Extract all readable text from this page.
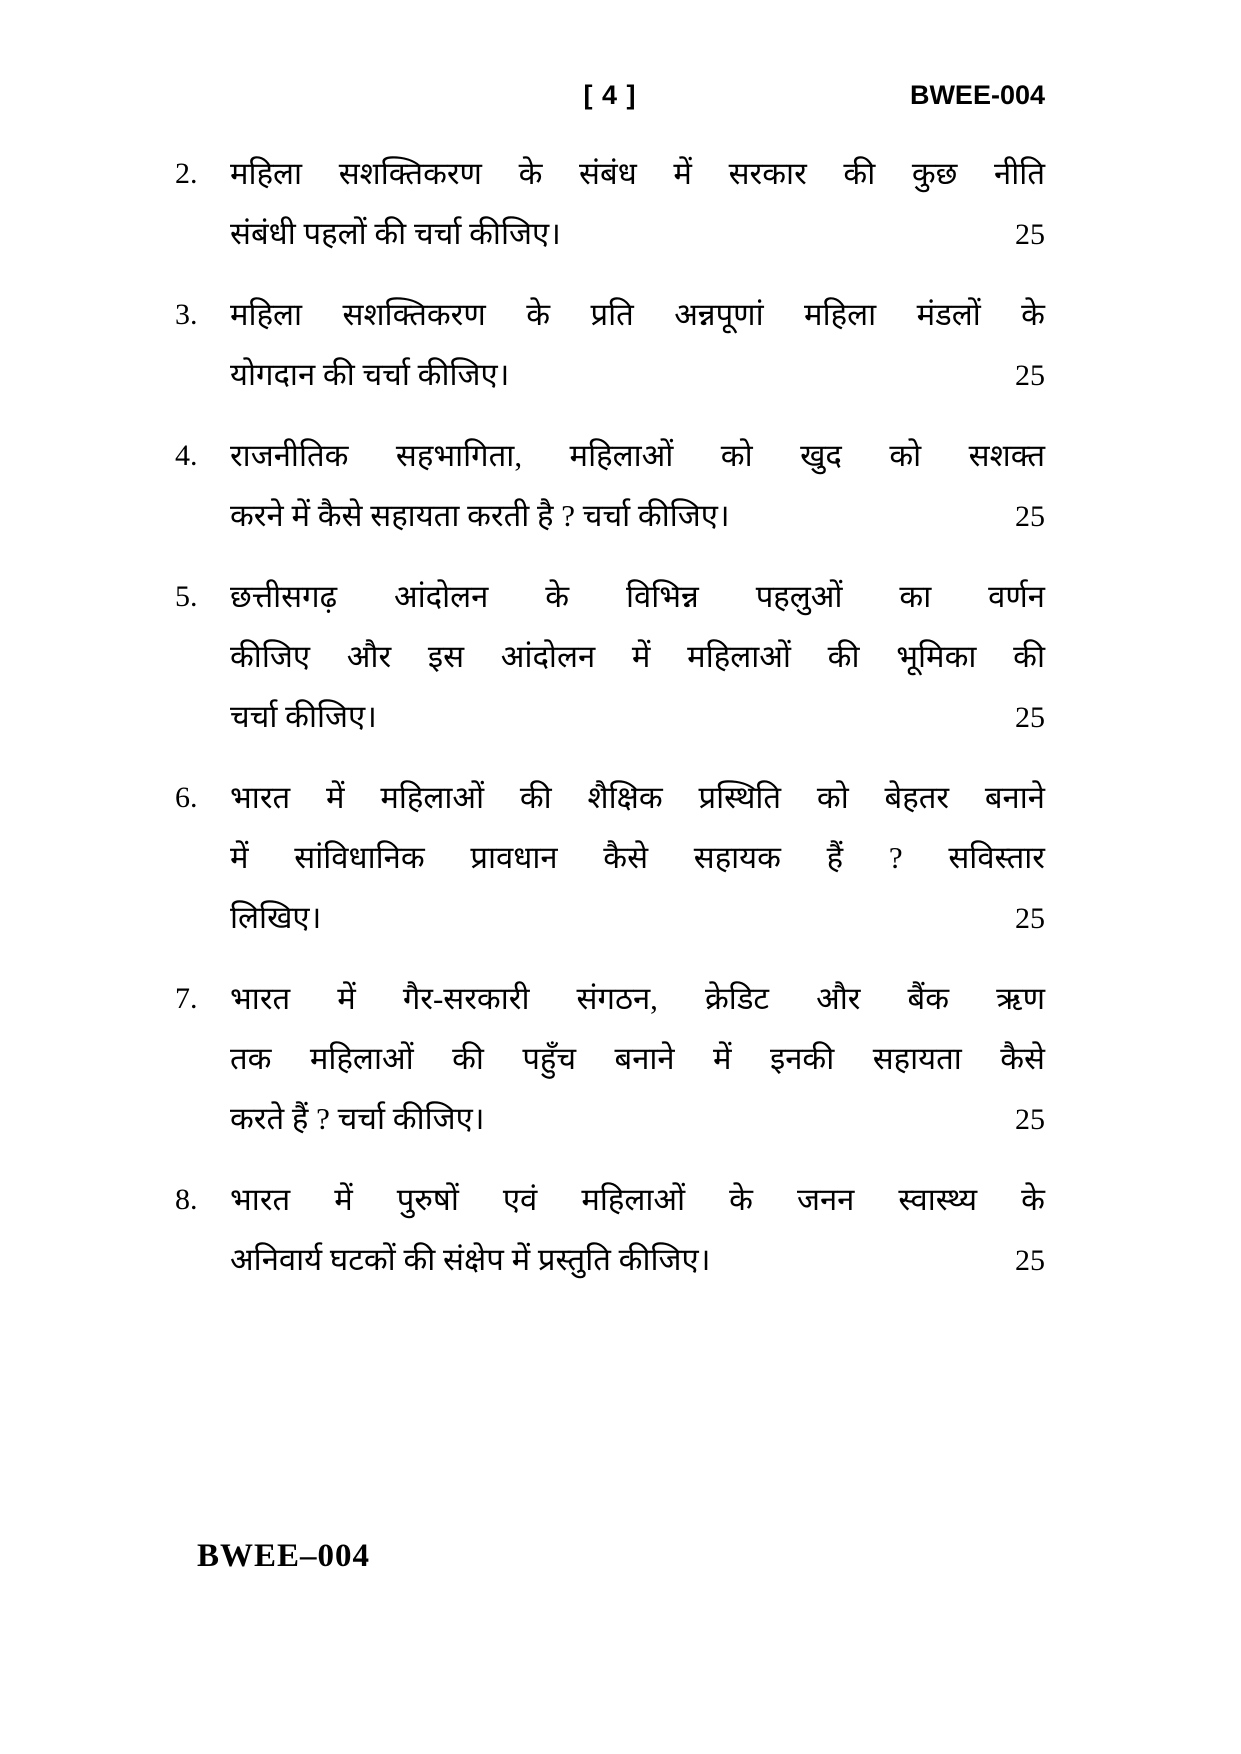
[ 4 ]	BWEE-004
2.	महिला सशक्तिकरण के संबंध में सरकार की कुछ नीति
संबंधी पहलों की चर्चा कीजिए।	25
3.	महिला सशक्तिकरण के प्रति अन्नपूणां महिला मंडलों के
योगदान की चर्चा कीजिए।	25
4.	राजनीतिक सहभागिता, महिलाओं को खुद को सशक्त
करने में कैसे सहायता करती है ? चर्चा कीजिए।	25
5.	छत्तीसगढ़ आंदोलन के विभिन्न पहलुओं का वर्णन
कीजिए और इस आंदोलन में महिलाओं की भूमिका की
चर्चा कीजिए।	25
6.	भारत में महिलाओं की शैक्षिक प्रस्थिति को बेहतर बनाने
में सांविधानिक प्रावधान कैसे सहायक हैं ? सविस्तार
लिखिए।	25
7.	भारत में गैर-सरकारी संगठन, क्रेडिट और बैंक ऋण
तक महिलाओं की पहुँच बनाने में इनकी सहायता कैसे
करते हैं ? चर्चा कीजिए।	25
8.	भारत में पुरुषों एवं महिलाओं के जनन स्वास्थ्य के
अनिवार्य घटकों की संक्षेप में प्रस्तुति कीजिए।	25
BWEE–004
